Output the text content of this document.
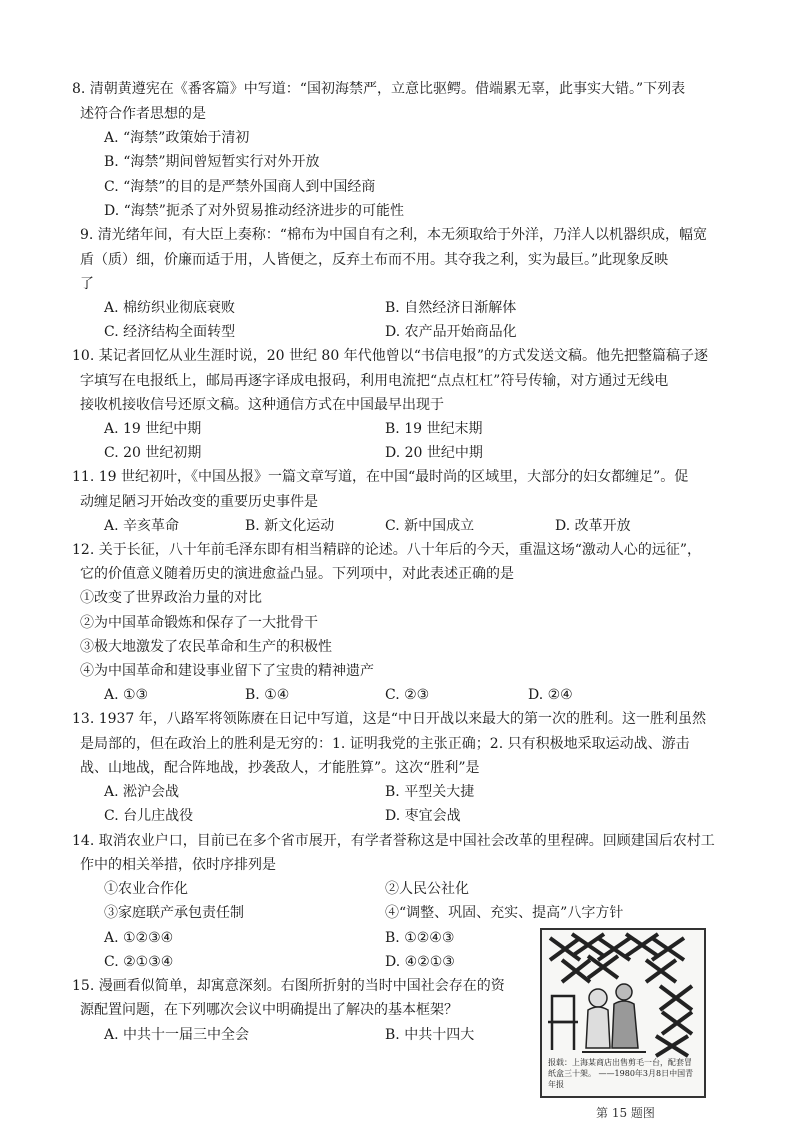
8. 清朝黄遵宪在《番客篇》中写道：“国初海禁严，立意比驱鳄。借端累无辜，此事实大错。”下列表
述符合作者思想的是
A. “海禁”政策始于清初
B. “海禁”期间曾短暂实行对外开放
C. “海禁”的目的是严禁外国商人到中国经商
D. “海禁”扼杀了对外贸易推动经济进步的可能性
9. 清光绪年间，有大臣上奏称：“棉布为中国自有之利，本无须取给于外洋，乃洋人以机器织成，幅宽
盾（质）细，价廉而适于用，人皆便之，反弃土布而不用。其夺我之利，实为最巨。”此现象反映
了
A. 棉纺织业彻底衰败	B. 自然经济日渐解体
C. 经济结构全面转型	D. 农产品开始商品化
10. 某记者回忆从业生涯时说，20 世纪 80 年代他曾以“书信电报”的方式发送文稿。他先把整篇稿子逐
字填写在电报纸上，邮局再逐字译成电报码，利用电流把“点点杠杠”符号传输，对方通过无线电
接收机接收信号还原文稿。这种通信方式在中国最早出现于
A. 19 世纪中期	B. 19 世纪末期
C. 20 世纪初期	D. 20 世纪中期
11. 19 世纪初叶，《中国丛报》一篇文章写道，在中国“最时尚的区域里，大部分的妇女都缠足”。促
动缠足陋习开始改变的重要历史事件是
A. 辛亥革命	B. 新文化运动	C. 新中国成立	D. 改革开放
12. 关于长征，八十年前毛泽东即有相当精辟的论述。八十年后的今天，重温这场“激动人心的远征”，
它的价值意义随着历史的演进愈益凸显。下列项中，对此表述正确的是
①改变了世界政治力量的对比
②为中国革命锻炼和保存了一大批骨干
③极大地激发了农民革命和生产的积极性
④为中国革命和建设事业留下了宝贵的精神遗产
A. ①③	B. ①④	C. ②③	D. ②④
13. 1937 年，八路军将领陈赓在日记中写道，这是“中日开战以来最大的第一次的胜利。这一胜利虽然
是局部的，但在政治上的胜利是无穷的：1. 证明我党的主张正确；2. 只有积极地采取运动战、游击
战、山地战，配合阵地战，抄袭敌人，才能胜算”。这次“胜利”是
A. 淞沪会战	B. 平型关大捷
C. 台儿庄战役	D. 枣宜会战
14. 取消农业户口，目前已在多个省市展开，有学者誉称这是中国社会改革的里程碑。回顾建国后农村工
作中的相关举措，依时序排列是
①农业合作化	②人民公社化
③家庭联产承包责任制	④“调整、巩固、充实、提高”八字方针
A. ①②③④	B. ①②④③
C. ②①③④	D. ④②①③
15. 漫画看似简单，却寓意深刻。右图所折射的当时中国社会存在的资
源配置问题，在下列哪次会议中明确提出了解决的基本框架？
A. 中共十一届三中全会	B. 中共十四大
报载：上海某商店出售剪毛一台，配套冒纸盒三十架。 ——1980年3月8日中国青年报
第 15 题图
